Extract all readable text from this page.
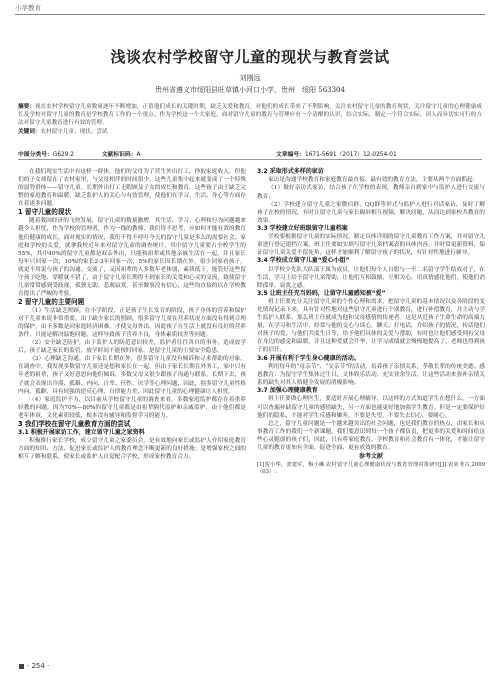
小学教育
浅谈农村学校留守儿童的现状与教育尝试
刘刚远
贵州省遵义市绥阳县旺草镇小河口小学，贵州　绥阳 563304
摘要：现在农村学校留守儿童数量逐年不断增加，正值他们成长的关键时期，缺乏关爱和教育，对他们的成长带来了不利影响。关注农村留守儿童的教育现状，关注留守儿童的心理健康成长及学校对留守儿童的教育是学校教育工作的一个重点。作为学校这一个大家庭，面对留守儿童的教育与管理应有一个清醒的认识，结合实际，制定一个符合实际、因人而异切实可行的方法对留守儿童教育进行有效的管理。
关键词：农村留守儿童；现状；尝试
中图分类号：G629.2	文献标识码：A	文章编号：1671-5691（2017）12-0254-01

在我们现实生活中有这样一群体，他们的父母为了营生外出打工，挣取家庭收入，但他们的子女却留在了农村家里，与父母相伴的时间很少。这些儿童集中起来就变成了一个特殊的弱势群体——留守儿童。长期外出打工无暇顾及子女的成长和教育，这些孩子由于缺乏完整的家庭教育和温暖，缺乏监护人的关心与有效管理，使他们在学习、生活、身心等方面存在着诸多问题。

1 留守儿童的现状

随着我国经济的飞快发展，留守儿童的数量激增，其生活、学习、心理和行为问题越来越令人担忧，作为学校的管理者，作为一线的教师，我们得不思考，应如何才能有效的教育他们健康的成长。面对现实的情况，我们不得不呼吁今天的留守儿童是多么的需要社会、家庭和学校的关爱。就拿我校近年来对留守儿童的调查统计，其中留守儿童要占全校学生的55%，其中40%的留守儿童都是双亲外出，只能和祖辈或其他亲戚生活在一起，并且家长每年只回家一次，10%的家长2-3年回家一次，5%的家长因长期在外，很少回家看孩子，就更不用说与孩子的沟通、交流了，又因祖辈的人多数年老体弱，素质低下，能管好这些留守孩子吃饱、穿暖就不错了，由于留守儿童长期得不到家长的关爱和心灵的交流，致使留守儿童常常感到受歧视、孤独无助、悲观寂寞，甚至做事没有信心，这些均直接的以在学校教育提出了严峻的考验。

2 留守儿童的主要问题

（1）生活缺乏照顾。在小学阶段，正是孩子生长发育的阶段，孩子身体的营养和保护对于儿童来说非常重要，由于缺少家长的照顾，很多留守儿童在营养状况方面没有得到合理的保护，由于多数是因家庭经济困难，才使父母外出，因此孩子在生活上就没有良好的营养条件，只能是解决温饱问题，这样导致孩子营养不良，身体素质较差等问题。

（2）安全缺乏防护。由于监护人的防范意识较差，监护者往往各自的事务，造成放学后，孩子缺乏家长的监管，放学时间不能按时回家，是留守儿童的主要安全隐患。

（3）心理缺乏沟通。由于家长长期在外，很多留守儿童没有倾诉和寻求帮助的对象，在调查中，我发现多数留守儿童还是想和家长在一起，但由于家长长期在外务工，家中只有年老的祖辈，孩子又好意思向他们倾诉，多数父母又很少跟孩子沟通与联系，长期下去，孩子就会表现出冷漠、孤僻、内向、自卑、任性、厌学等心理问题，因此，很多留守儿童性格内向、孤僻，具有较强的逆反心理，自律能力差，因此留守儿童的心理健康让人担忧。

（4）家庭监护不力，以目前从学校留守儿童的调查来看，多数家庭监护都存在着重养轻教的问题，因为70%—80%的留守儿童都是由祖辈隔代监护和亲戚监护，由于他们都是老年体衰，文化素质较低，根本没有辅导和监督学习的能力。

3 我们学校在留守儿童教育方面的尝试
3.1 积极开展家访工作，建立留守儿童之家资料

积极推行家长学校，成立留守儿童之家委员会，是有效地向家长或监护人介绍家庭教育方面的知识、方法，促进家长或监护人的教育理念不断更新的良好措施；是增强家校之间的相互了解和联系，使家长或监护人自觉配合学校，形成家校教育合力。

3.2 采取形式多样的家访

家访是沟通学校教育和家庭教育最直接、最有效的教育方法，主要从两个方面抓起：

（1）做好亲访式家访，结合孩子在学校的表现，教师亲自到家中与监护人进行交流与教育；

（2）学校建立留守儿童之家微信群、QQ群等形式与监护人进行对话家访，及时了解孩子在校的情况，有时让留守儿童与家长隔屏相互视频，解决问题，从而达到家校共教育的效果。

3.3 学校建立好班级留守儿童档案

学校要根据留守儿童的实际情况，制定具体详细的留守儿童教育工作方案，并对留守儿童进行登记建档立案，班主任要如实填写留守儿童档案表的具体内容，并时常更新资料，保证留守儿童关爱不留死角，这样才能顺利了解留守孩子的状况，有针对性地进行辅导。

3.4 学校成立留守儿童“爱心小组”

以学校少先队大队部下属为成员，让他们每个人自愿与一至二名留守学生结成对子，在生活、学习上给予留守儿童帮助，让他们互相鼓励、互相关心、用真情感化他们，使他们消除孤单、寂寞之感。

3.5 让班主任充当妈妈，让留守儿童感知被“爱”

班主任要充分关注留守儿童的个性心理和需求，把留守儿童的基本情况以及各阶段的变化情况记录下来，具有针对性地对这些留守儿童进行个别教育，进行补偿教育，并主动与学生监护人联系，那么班主任就成为他和父母感情的传递者。这是从近孩子生命生命的高端力量，在学习和生活中，经常与他的交心与谈心，聊天、打电话，介绍孩子的情况，传话他们对孩子的爱，与他们共度生日等，给予他们具体的关爱与帮助，有时也让他们感受到有父母在身边的感觉和温暖，并且这种爱就会升华，让学习成绩就会慢慢地提高了，老师也得到孩子的信任。

3.6 开展有利于学生身心健康的活动。

利用每年的“母亲节”、“父亲节”的活动，培养孩子亲情关系，孝敬长辈的传统美德；感恩教育：为留守学生集体过生日，文体娱乐活动，充实业余生活，让这些活动来弥补亲情关系的缺失对其人格健全发展的消极影响。

3.7 加强心理健康教育

班主任要做心理医生，要适时开展心理辅导，以这样的方式知道学生在想什么。一方面可以查漏补缺留守儿童的感情缺失，另一方面也能更好地加强学生教育。但是一定要保护好他们的隐私，不能对学生反感和嫌弃，不要是失望，不要失去信心，要耐心。

总之，留守儿童问题是一个越来越突出的社会问题，也是我们教育的热点，由家长和从事教育工作的我们一个新课题，我们要意识到每一个孩子都负责，把更多的关爱和时间给这些心灵脆弱的孩子们，因此，只有将家庭教育、学校教育和社会教育有一体化，才能让留守儿童的教育更加有全面，促进全面、更有成效的教育。

参考文献

[1]贺小华，张建军，梅小琳.农村留守儿童心理健康状况与教育管理对策研究[J].农业考古,2009（03）.

· 254 ·
